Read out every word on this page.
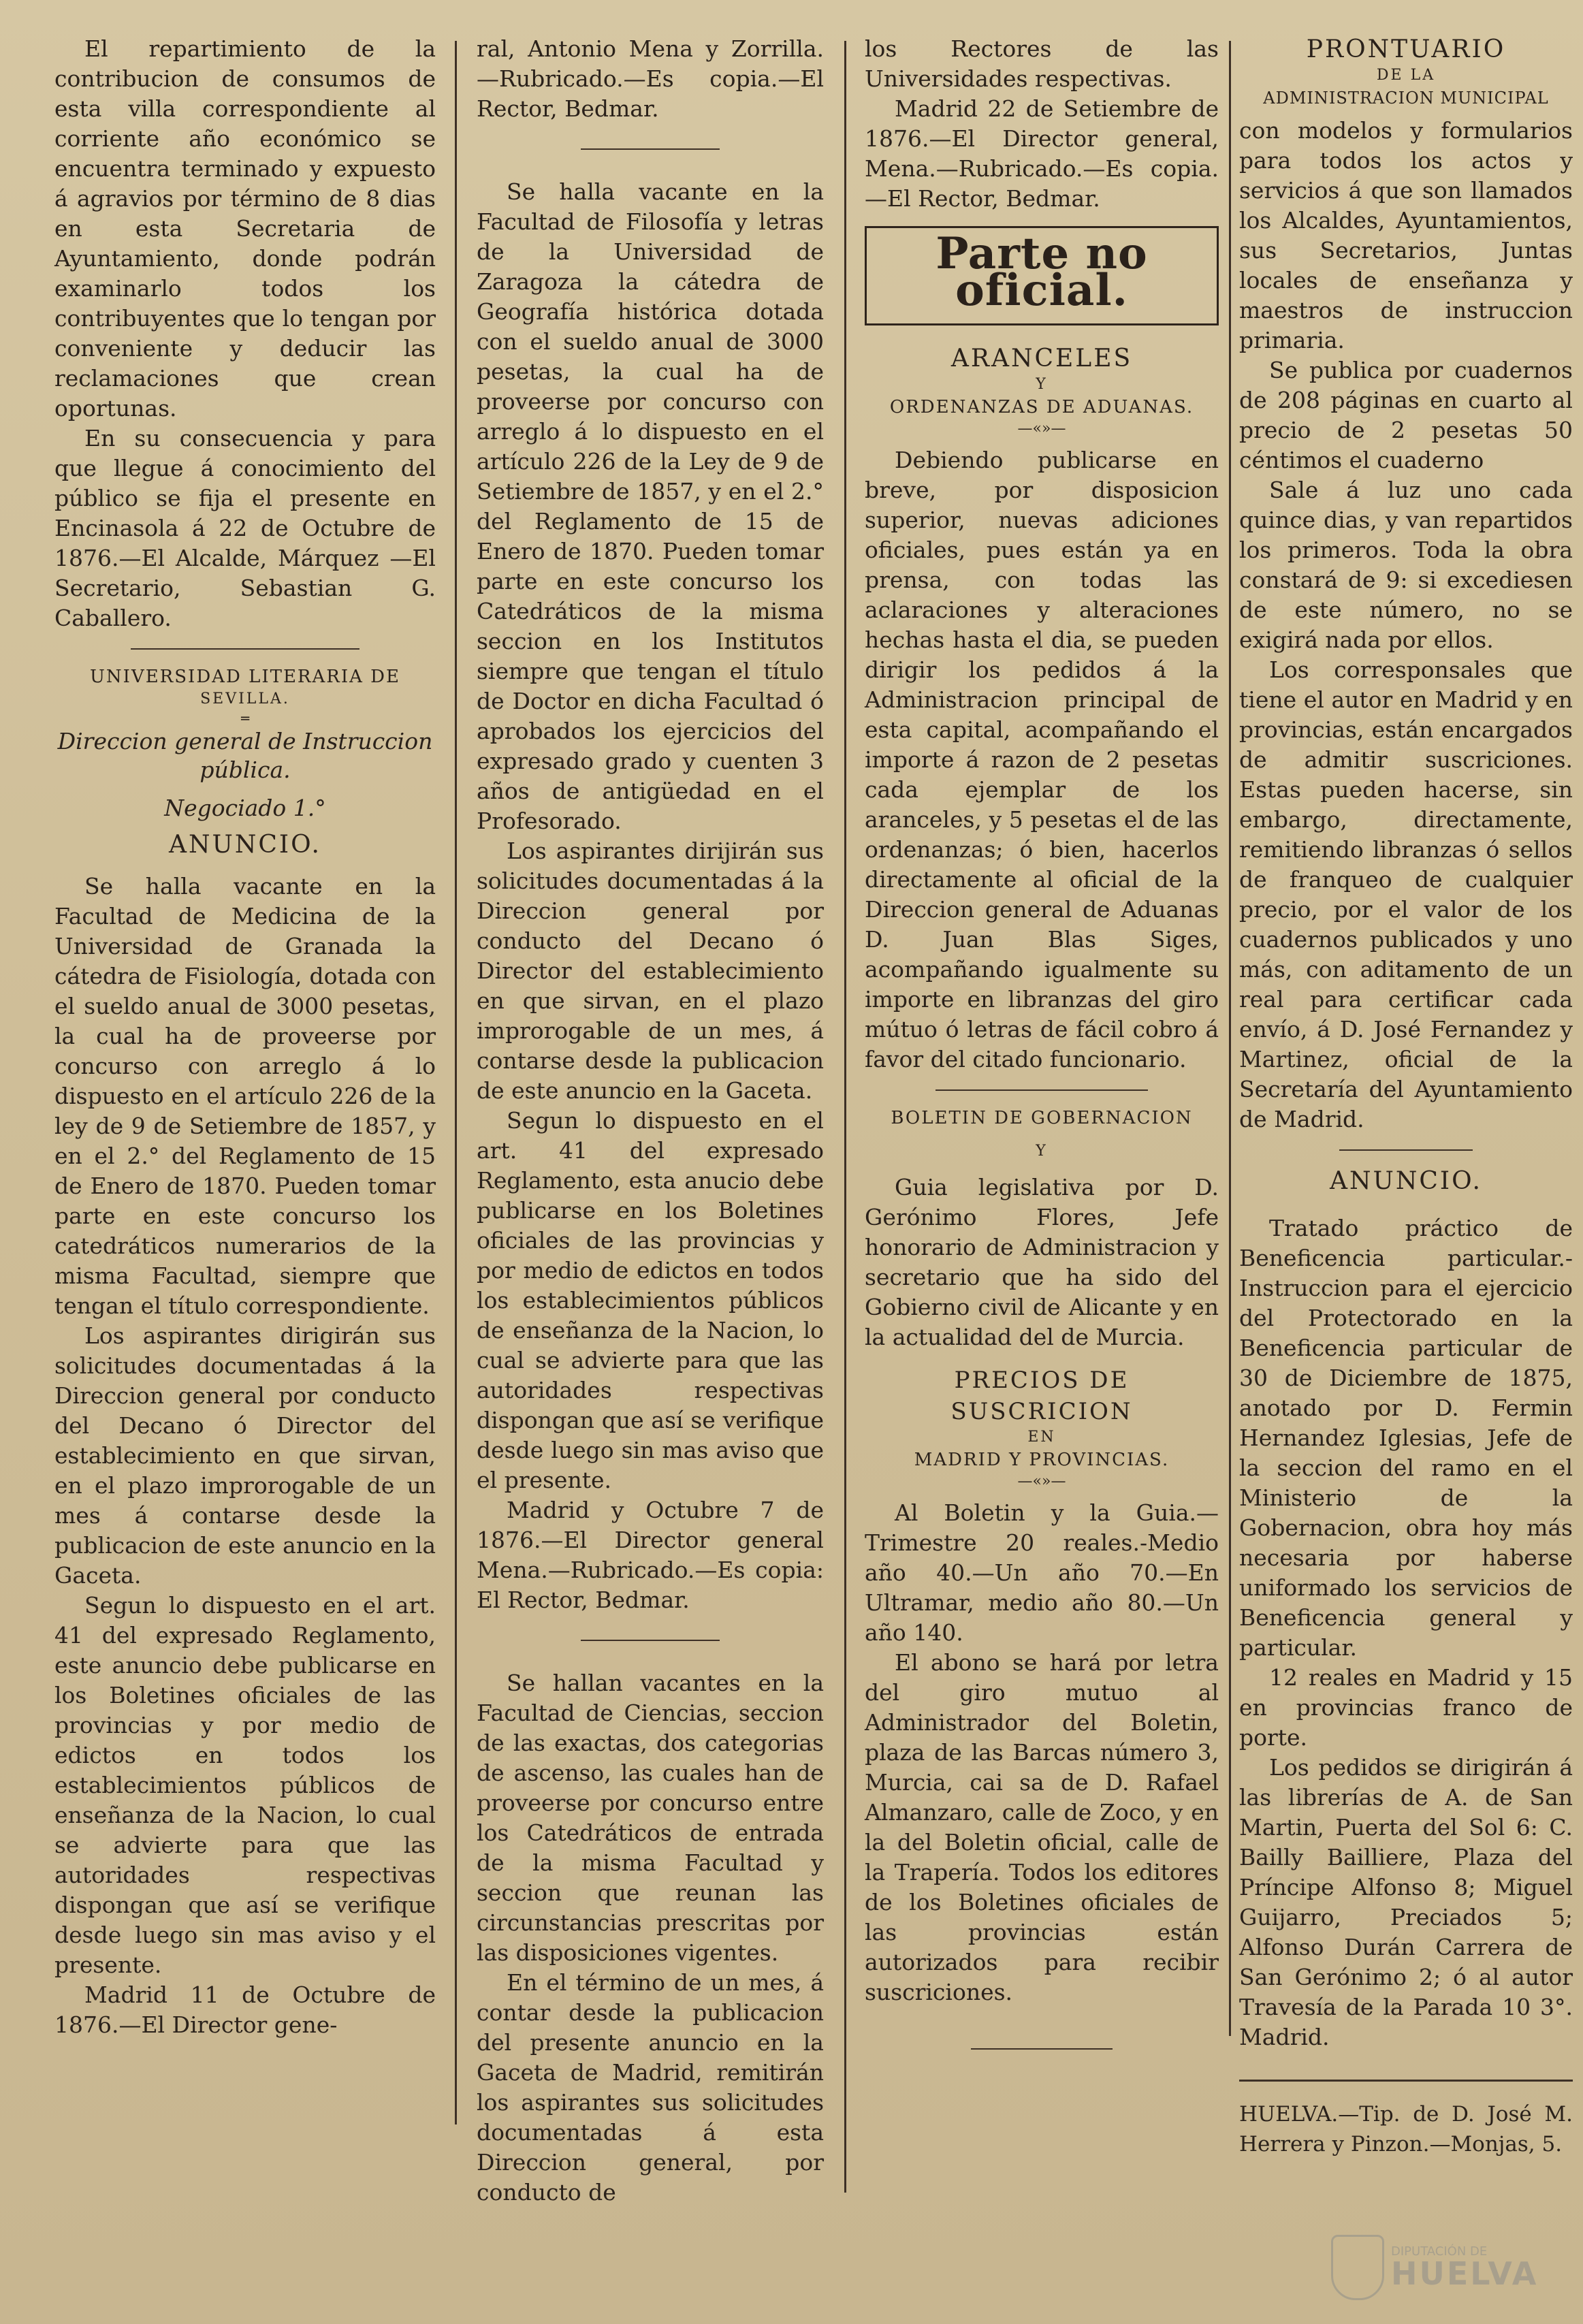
El repartimiento de la contribucion de consumos de esta villa correspondiente al corriente año económico se encuentra terminado y expuesto á agravios por término de 8 dias en esta Secretaria de Ayuntamiento, donde podrán examinarlo todos los contribuyentes que lo tengan por conveniente y deducir las reclamaciones que crean oportunas.

En su consecuencia y para que llegue á conocimiento del público se fija el presente en Encinasola á 22 de Octubre de 1876.—El Alcalde, Márquez —El Secretario, Sebastian G. Caballero.

UNIVERSIDAD LITERARIA DE

SEVILLA.

═

Direccion general de Instruccion pública.

Negociado 1.°

ANUNCIO.

Se halla vacante en la Facultad de Medicina de la Universidad de Granada la cátedra de Fisiología, dotada con el sueldo anual de 3000 pesetas, la cual ha de proveerse por concurso con arreglo á lo dispuesto en el artículo 226 de la ley de 9 de Setiembre de 1857, y en el 2.° del Reglamento de 15 de Enero de 1870. Pueden tomar parte en este concurso los catedráticos numerarios de la misma Facultad, siempre que tengan el título correspondiente.

Los aspirantes dirigirán sus solicitudes documentadas á la Direccion general por conducto del Decano ó Director del establecimiento en que sirvan, en el plazo improrogable de un mes á contarse desde la publicacion de este anuncio en la Gaceta.

Segun lo dispuesto en el art. 41 del expresado Reglamento, este anuncio debe publicarse en los Boletines oficiales de las provincias y por medio de edictos en todos los establecimientos públicos de enseñanza de la Nacion, lo cual se advierte para que las autoridades respectivas dispongan que así se verifique desde luego sin mas aviso y el presente.

Madrid 11 de Octubre de 1876.—El Director gene-

ral, Antonio Mena y Zorrilla.—Rubricado.—Es copia.—El Rector, Bedmar.

Se halla vacante en la Facultad de Filosofía y letras de la Universidad de Zaragoza la cátedra de Geografía histórica dotada con el sueldo anual de 3000 pesetas, la cual ha de proveerse por concurso con arreglo á lo dispuesto en el artículo 226 de la Ley de 9 de Setiembre de 1857, y en el 2.° del Reglamento de 15 de Enero de 1870. Pueden tomar parte en este concurso los Catedráticos de la misma seccion en los Institutos siempre que tengan el título de Doctor en dicha Facultad ó aprobados los ejercicios del expresado grado y cuenten 3 años de antigüedad en el Profesorado.

Los aspirantes dirijirán sus solicitudes documentadas á la Direccion general por conducto del Decano ó Director del establecimiento en que sirvan, en el plazo improrogable de un mes, á contarse desde la publicacion de este anuncio en la Gaceta.

Segun lo dispuesto en el art. 41 del expresado Reglamento, esta anucio debe publicarse en los Boletines oficiales de las provincias y por medio de edictos en todos los establecimientos públicos de enseñanza de la Nacion, lo cual se advierte para que las autoridades respectivas dispongan que así se verifique desde luego sin mas aviso que el presente.

Madrid y Octubre 7 de 1876.—El Director general Mena.—Rubricado.—Es copia: El Rector, Bedmar.

Se hallan vacantes en la Facultad de Ciencias, seccion de las exactas, dos categorias de ascenso, las cuales han de proveerse por concurso entre los Catedráticos de entrada de la misma Facultad y seccion que reunan las circunstancias prescritas por las disposiciones vigentes.

En el término de un mes, á contar desde la publicacion del presente anuncio en la Gaceta de Madrid, remitirán los aspirantes sus solicitudes documentadas á esta Direccion general, por conducto de

los Rectores de las Universidades respectivas.

Madrid 22 de Setiembre de 1876.—El Director general, Mena.—Rubricado.—Es copia.—El Rector, Bedmar.

Parte no oficial.

ARANCELES

Y

ORDENANZAS DE ADUANAS.

—«»—

Debiendo publicarse en breve, por disposicion superior, nuevas adiciones oficiales, pues están ya en prensa, con todas las aclaraciones y alteraciones hechas hasta el dia, se pueden dirigir los pedidos á la Administracion principal de esta capital, acompañando el importe á razon de 2 pesetas cada ejemplar de los aranceles, y 5 pesetas el de las ordenanzas; ó bien, hacerlos directamente al oficial de la Direccion general de Aduanas D. Juan Blas Siges, acompañando igualmente su importe en libranzas del giro mútuo ó letras de fácil cobro á favor del citado funcionario.

BOLETIN DE GOBERNACION

Y

Guia legislativa por D. Gerónimo Flores, Jefe honorario de Administracion y secretario que ha sido del Gobierno civil de Alicante y en la actualidad del de Murcia.

PRECIOS DE SUSCRICION

EN

MADRID Y PROVINCIAS.

—«»—

Al Boletin y la Guia.—Trimestre 20 reales.-Medio año 40.—Un año 70.—En Ultramar, medio año 80.—Un año 140.

El abono se hará por letra del giro mutuo al Administrador del Boletin, plaza de las Barcas número 3, Murcia, cai sa de D. Rafael Almanzaro, calle de Zoco, y en la del Boletin oficial, calle de la Trapería. Todos los editores de los Boletines oficiales de las provincias están autorizados para recibir suscriciones.

PRONTUARIO

DE LA

ADMINISTRACION MUNICIPAL

con modelos y formularios para todos los actos y servicios á que son llamados los Alcaldes, Ayuntamientos, sus Secretarios, Juntas locales de enseñanza y maestros de instruccion primaria.

Se publica por cuadernos de 208 páginas en cuarto al precio de 2 pesetas 50 céntimos el cuaderno

Sale á luz uno cada quince dias, y van repartidos los primeros. Toda la obra constará de 9: si excediesen de este número, no se exigirá nada por ellos.

Los corresponsales que tiene el autor en Madrid y en provincias, están encargados de admitir suscriciones. Estas pueden hacerse, sin embargo, directamente, remitiendo libranzas ó sellos de franqueo de cualquier precio, por el valor de los cuadernos publicados y uno más, con aditamento de un real para certificar cada envío, á D. José Fernandez y Martinez, oficial de la Secretaría del Ayuntamiento de Madrid.

ANUNCIO.

Tratado práctico de Beneficencia particular.-Instruccion para el ejercicio del Protectorado en la Beneficencia particular de 30 de Diciembre de 1875, anotado por D. Fermin Hernandez Iglesias, Jefe de la seccion del ramo en el Ministerio de la Gobernacion, obra hoy más necesaria por haberse uniformado los servicios de Beneficencia general y particular.

12 reales en Madrid y 15 en provincias franco de porte.

Los pedidos se dirigirán á las librerías de A. de San Martin, Puerta del Sol 6: C. Bailly Bailliere, Plaza del Príncipe Alfonso 8; Miguel Guijarro, Preciados 5; Alfonso Durán Carrera de San Gerónimo 2; ó al autor Travesía de la Parada 10 3°. Madrid.

HUELVA.—Tip. de D. José M. Herrera y Pinzon.—Monjas, 5.

DIPUTACIÓN DE
HUELVA
